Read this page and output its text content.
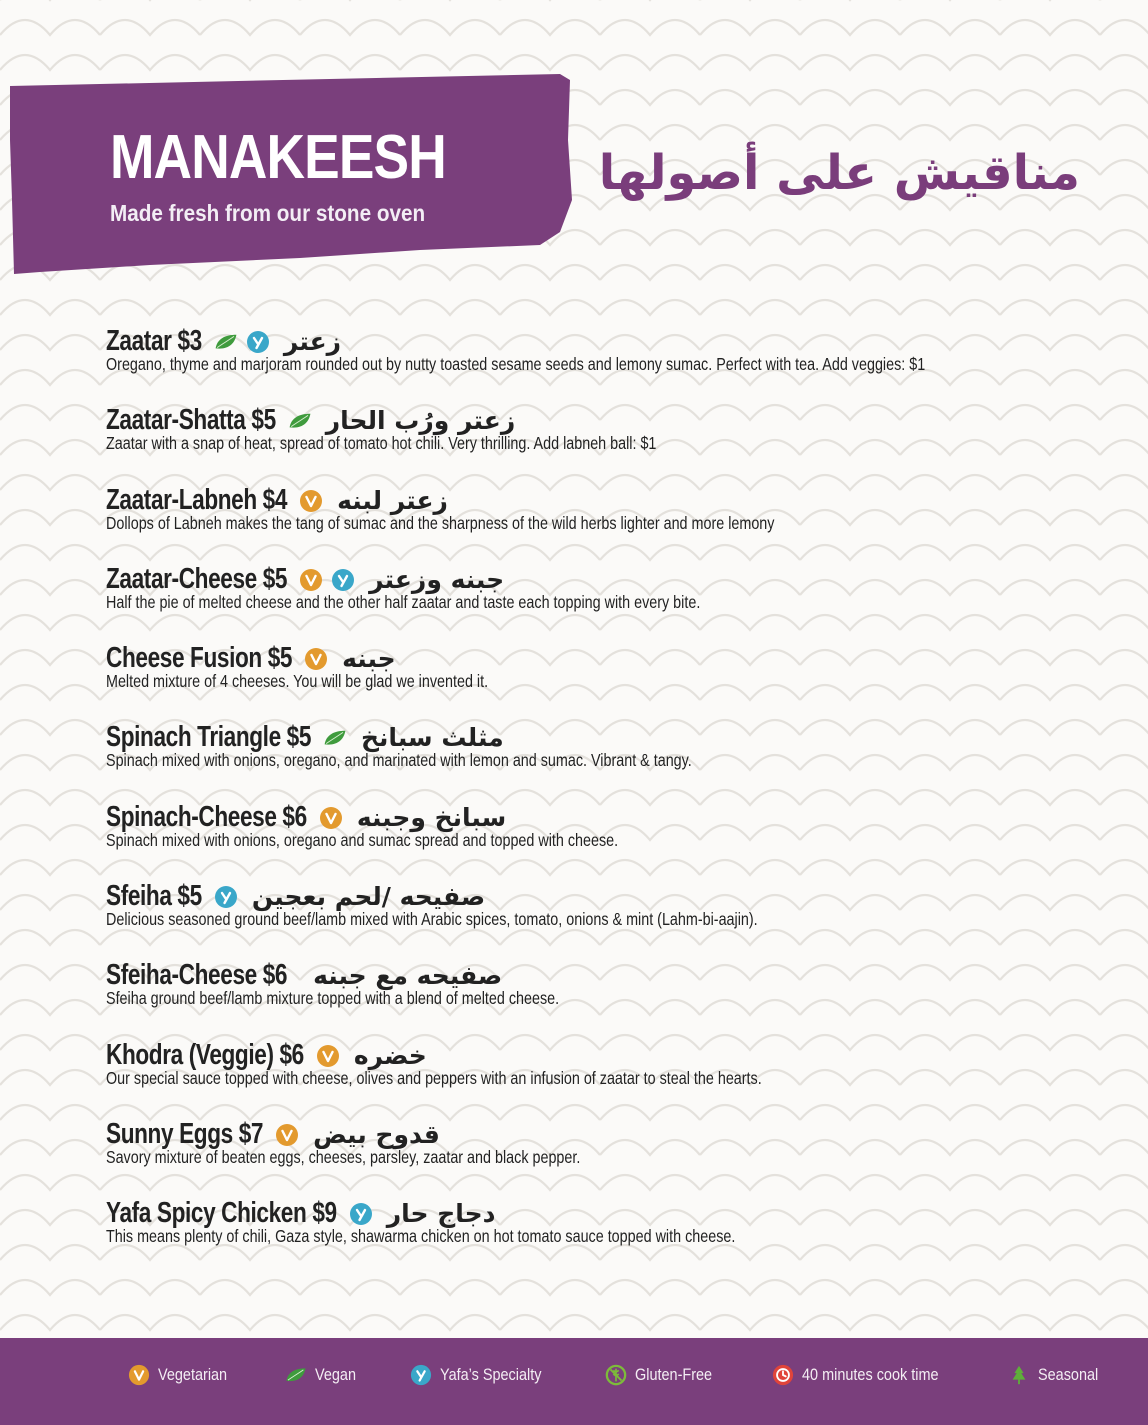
MANAKEESH
Made fresh from our stone oven
مناقيش على أصولها
Zaatar $3	زعتر
Oregano, thyme and marjoram rounded out by nutty toasted sesame seeds and lemony sumac. Perfect with tea. Add veggies: $1
Zaatar-Shatta $5	زعتر ورُب الحار
Zaatar with a snap of heat, spread of tomato hot chili. Very thrilling. Add labneh ball: $1
Zaatar-Labneh $4	زعتر لبنه
Dollops of Labneh makes the tang of sumac and the sharpness of the wild herbs lighter and more lemony
Zaatar-Cheese $5	جبنه وزعتر
Half the pie of melted cheese and the other half zaatar and taste each topping with every bite.
Cheese Fusion $5	جبنه
Melted mixture of 4 cheeses. You will be glad we invented it.
Spinach Triangle $5	مثلث سبانخ
Spinach mixed with onions, oregano, and marinated with lemon and sumac. Vibrant & tangy.
Spinach-Cheese $6	سبانخ وجبنه
Spinach mixed with onions, oregano and sumac spread and topped with cheese.
Sfeiha $5	صفيحه /لحم بعجين
Delicious seasoned ground beef/lamb mixed with Arabic spices, tomato, onions & mint (Lahm-bi-aajin).
Sfeiha-Cheese $6	صفيحه مع جبنه
Sfeiha ground beef/lamb mixture topped with a blend of melted cheese.
Khodra (Veggie) $6	خضره
Our special sauce topped with cheese, olives and peppers with an infusion of zaatar to steal the hearts.
Sunny Eggs $7	قدوح بيض
Savory mixture of beaten eggs, cheeses, parsley, zaatar and black pepper.
Yafa Spicy Chicken $9	دجاج حار
This means plenty of chili, Gaza style, shawarma chicken on hot tomato sauce topped with cheese.
Vegetarian	Vegan	Yafa’s Specialty	Gluten-Free	40 minutes cook time	Seasonal
